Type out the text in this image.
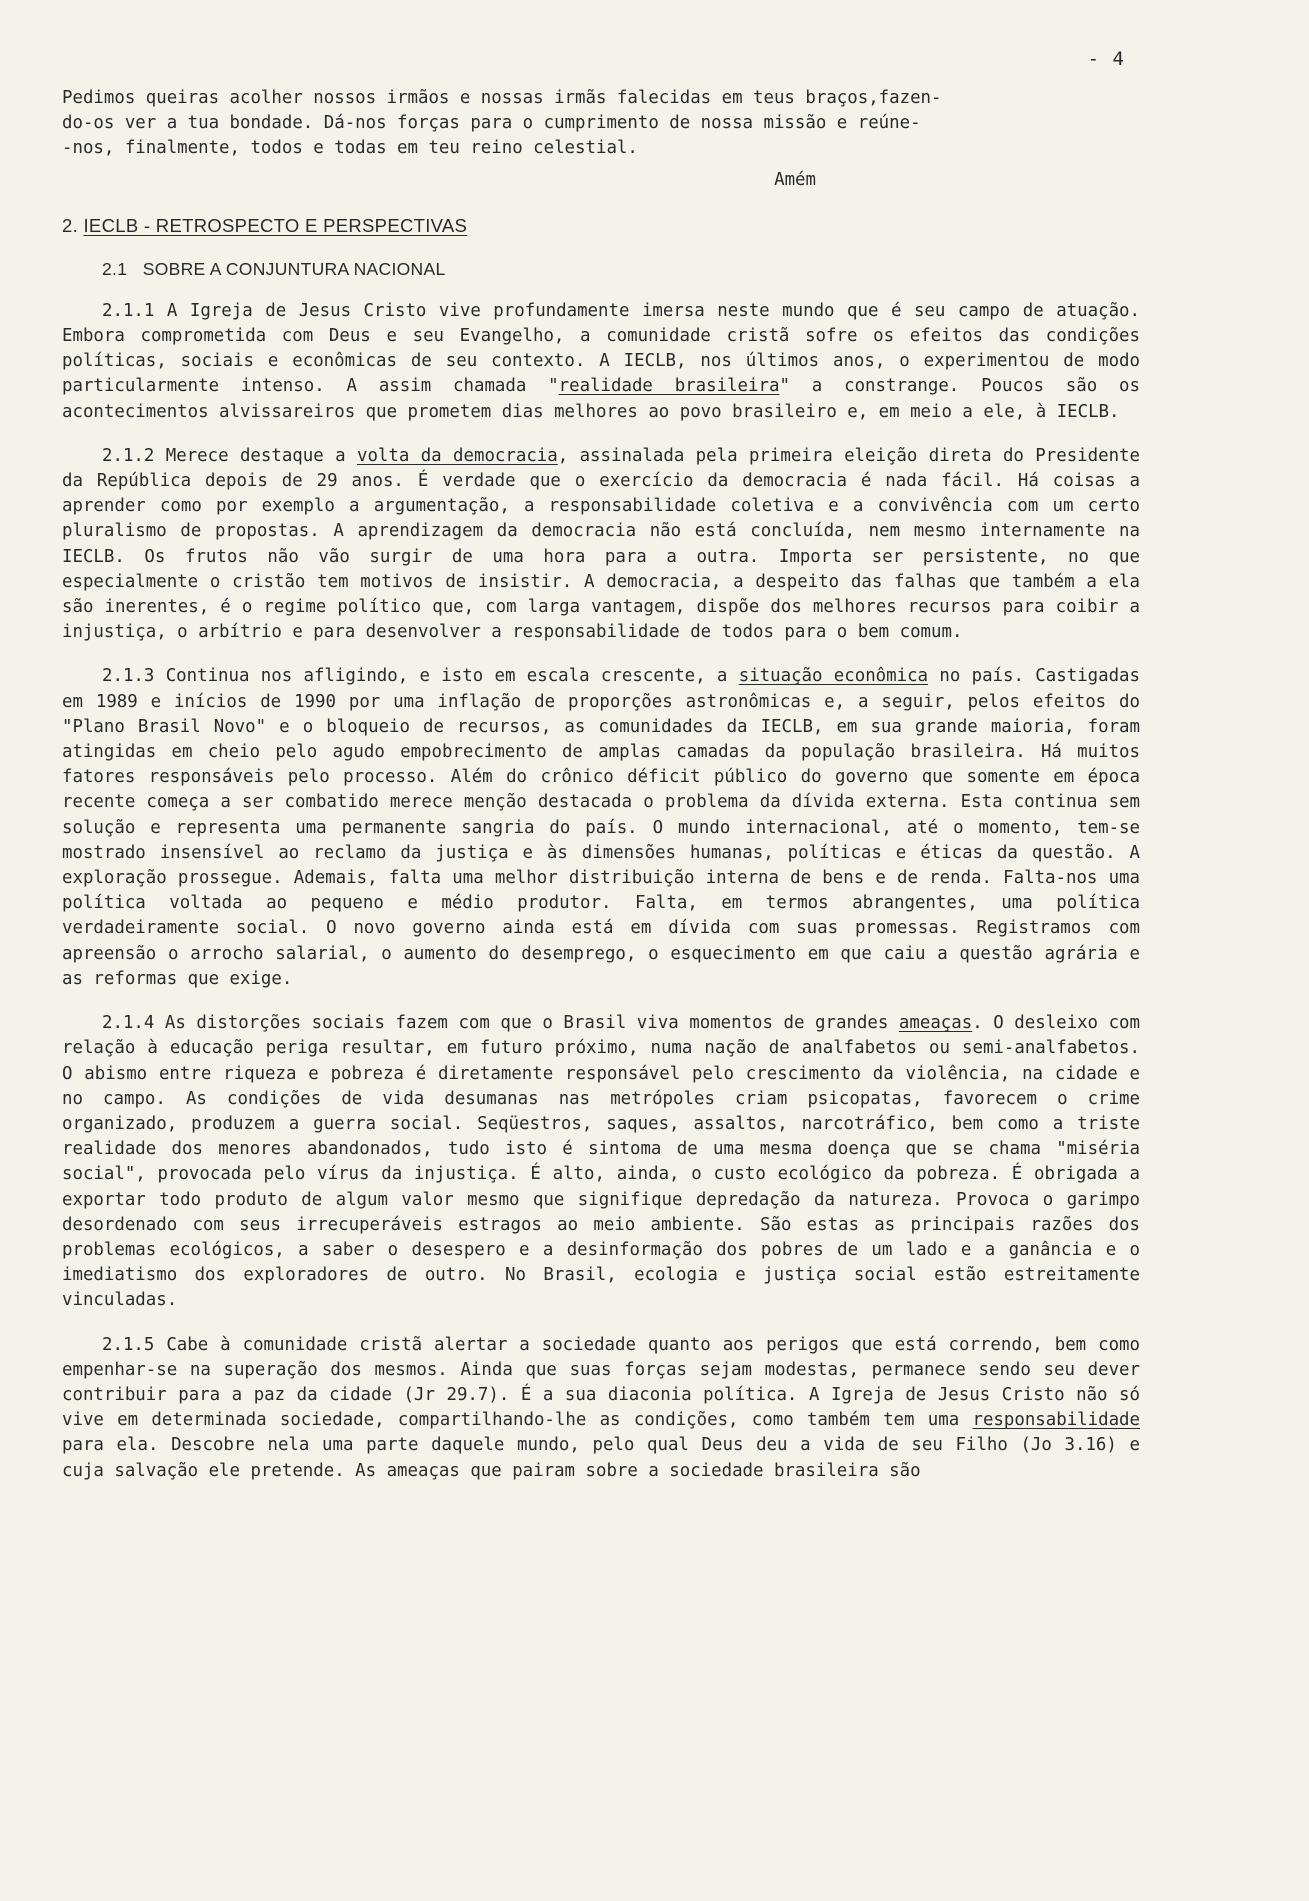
- 4

Pedimos queiras acolher nossos irmãos e nossas irmãs falecidas em teus braços,fazen-

do-os ver a tua bondade. Dá-nos forças para o cumprimento de nossa missão e reúne-

-nos, finalmente, todos e todas em teu reino celestial.

Amém
2. IECLB - RETROSPECTO E PERSPECTIVAS
2.1 SOBRE A CONJUNTURA NACIONAL

2.1.1 A Igreja de Jesus Cristo vive profundamente imersa neste mundo que é seu campo de atuação. Embora comprometida com Deus e seu Evangelho, a comunidade cristã sofre os efeitos das condições políticas, sociais e econômicas de seu contexto. A IECLB, nos últimos anos, o experimentou de modo particularmente intenso. A assim chamada "realidade brasileira" a constrange. Poucos são os acontecimentos alvissareiros que prometem dias melhores ao povo brasileiro e, em meio a ele, à IECLB.

2.1.2 Merece destaque a volta da democracia, assinalada pela primeira eleição direta do Presidente da República depois de 29 anos. É verdade que o exercício da democracia é nada fácil. Há coisas a aprender como por exemplo a argumentação, a responsabilidade coletiva e a convivência com um certo pluralismo de propostas. A aprendizagem da democracia não está concluída, nem mesmo internamente na IECLB. Os frutos não vão surgir de uma hora para a outra. Importa ser persistente, no que especialmente o cristão tem motivos de insistir. A democracia, a despeito das falhas que também a ela são inerentes, é o regime político que, com larga vantagem, dispõe dos melhores recursos para coibir a injustiça, o arbítrio e para desenvolver a responsabilidade de todos para o bem comum.

2.1.3 Continua nos afligindo, e isto em escala crescente, a situação econômica no país. Castigadas em 1989 e inícios de 1990 por uma inflação de proporções astronômicas e, a seguir, pelos efeitos do "Plano Brasil Novo" e o bloqueio de recursos, as comunidades da IECLB, em sua grande maioria, foram atingidas em cheio pelo agudo empobrecimento de amplas camadas da população brasileira. Há muitos fatores responsáveis pelo processo. Além do crônico déficit público do governo que somente em época recente começa a ser combatido merece menção destacada o problema da dívida externa. Esta continua sem solução e representa uma permanente sangria do país. O mundo internacional, até o momento, tem-se mostrado insensível ao reclamo da justiça e às dimensões humanas, políticas e éticas da questão. A exploração prossegue. Ademais, falta uma melhor distribuição interna de bens e de renda. Falta-nos uma política voltada ao pequeno e médio produtor. Falta, em termos abrangentes, uma política verdadeiramente social. O novo governo ainda está em dívida com suas promessas. Registramos com apreensão o arrocho salarial, o aumento do desemprego, o esquecimento em que caiu a questão agrária e as reformas que exige.

2.1.4 As distorções sociais fazem com que o Brasil viva momentos de grandes ameaças. O desleixo com relação à educação periga resultar, em futuro próximo, numa nação de analfabetos ou semi-analfabetos. O abismo entre riqueza e pobreza é diretamente responsável pelo crescimento da violência, na cidade e no campo. As condições de vida desumanas nas metrópoles criam psicopatas, favorecem o crime organizado, produzem a guerra social. Seqüestros, saques, assaltos, narcotráfico, bem como a triste realidade dos menores abandonados, tudo isto é sintoma de uma mesma doença que se chama "miséria social", provocada pelo vírus da injustiça. É alto, ainda, o custo ecológico da pobreza. É obrigada a exportar todo produto de algum valor mesmo que signifique depredação da natureza. Provoca o garimpo desordenado com seus irrecuperáveis estragos ao meio ambiente. São estas as principais razões dos problemas ecológicos, a saber o desespero e a desinformação dos pobres de um lado e a ganância e o imediatismo dos exploradores de outro. No Brasil, ecologia e justiça social estão estreitamente vinculadas.

2.1.5 Cabe à comunidade cristã alertar a sociedade quanto aos perigos que está correndo, bem como empenhar-se na superação dos mesmos. Ainda que suas forças sejam modestas, permanece sendo seu dever contribuir para a paz da cidade (Jr 29.7). É a sua diaconia política. A Igreja de Jesus Cristo não só vive em determinada sociedade, compartilhando-lhe as condições, como também tem uma responsabilidade para ela. Descobre nela uma parte daquele mundo, pelo qual Deus deu a vida de seu Filho (Jo 3.16) e cuja salvação ele pretende. As ameaças que pairam sobre a sociedade brasileira são
